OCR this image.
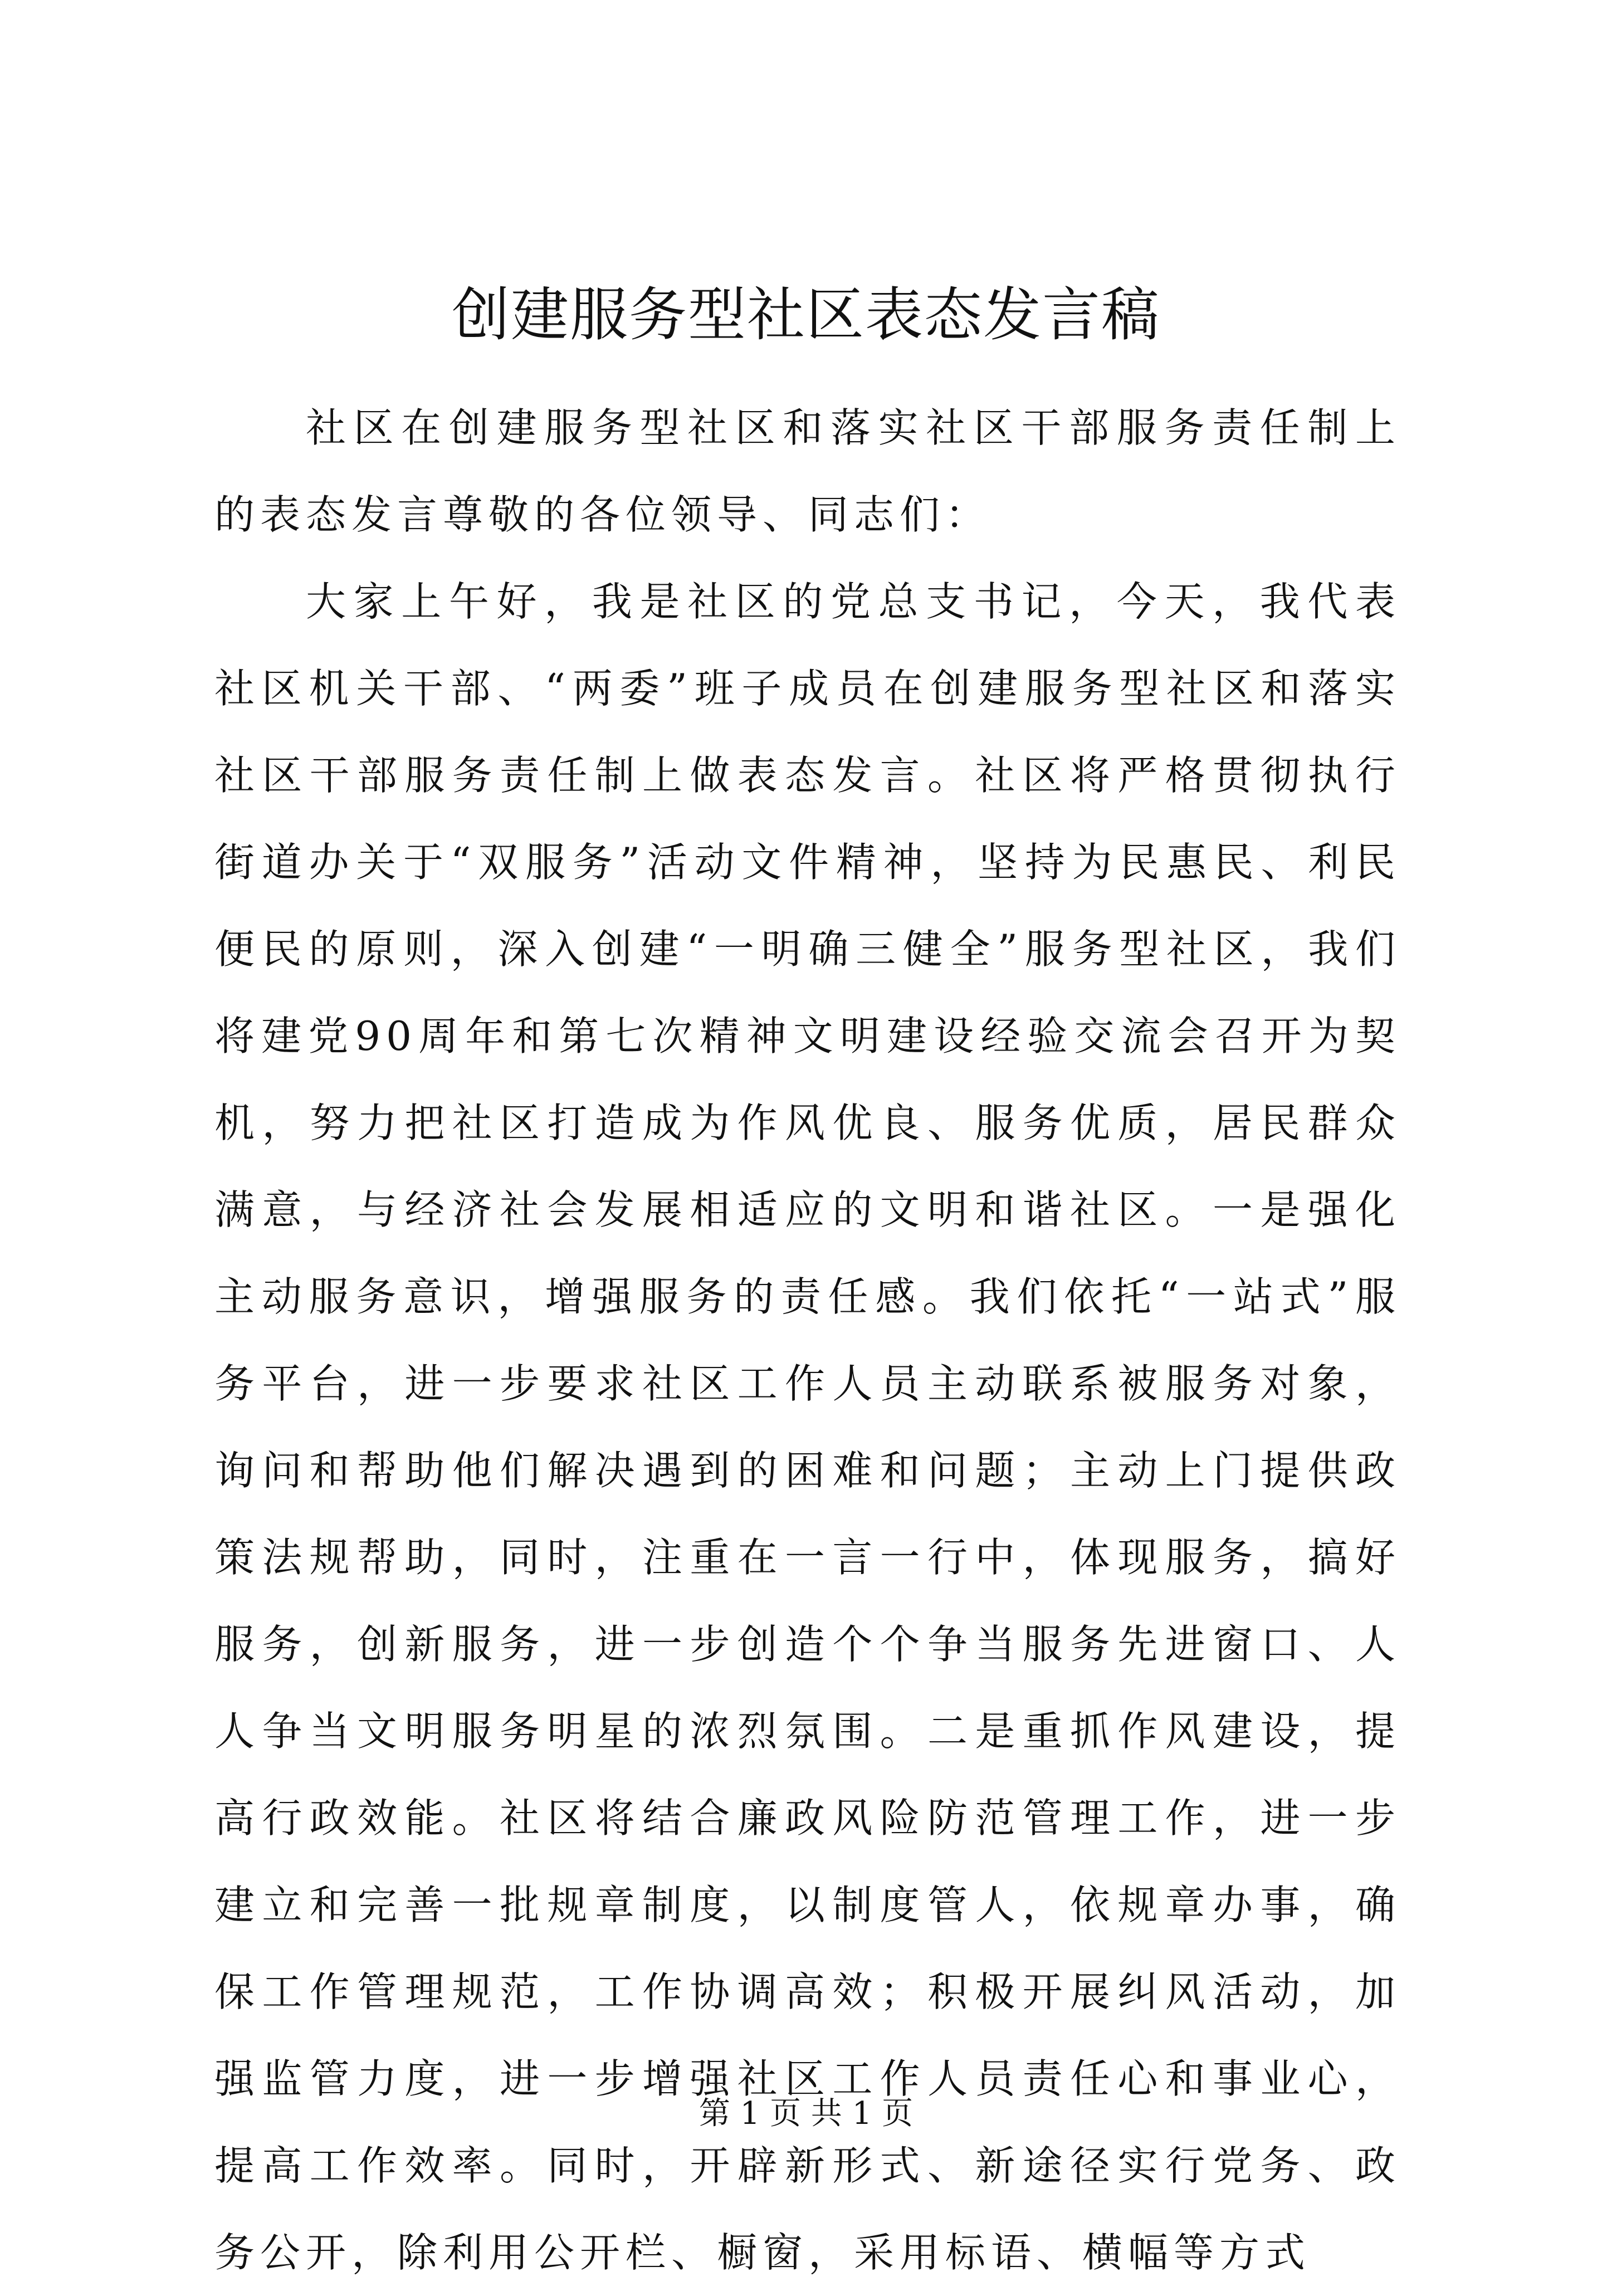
创建服务型社区表态发言稿

社区在创建服务型社区和落实社区干部服务责任制上的表态发言尊敬的各位领导、同志们：

大家上午好，我是社区的党总支书记，今天，我代表社区机关干部、“两委”班子成员在创建服务型社区和落实社区干部服务责任制上做表态发言。社区将严格贯彻执行街道办关于“双服务”活动文件精神，坚持为民惠民、利民便民的原则，深入创建“一明确三健全”服务型社区，我们将建党90周年和第七次精神文明建设经验交流会召开为契机，努力把社区打造成为作风优良、服务优质，居民群众满意，与经济社会发展相适应的文明和谐社区。一是强化主动服务意识，增强服务的责任感。我们依托“一站式”服务平台，进一步要求社区工作人员主动联系被服务对象，询问和帮助他们解决遇到的困难和问题；主动上门提供政策法规帮助，同时，注重在一言一行中，体现服务，搞好服务，创新服务，进一步创造个个争当服务先进窗口、人人争当文明服务明星的浓烈氛围。二是重抓作风建设，提高行政效能。社区将结合廉政风险防范管理工作，进一步建立和完善一批规章制度，以制度管人，依规章办事，确保工作管理规范，工作协调高效；积极开展纠风活动，加强监管力度，进一步增强社区工作人员责任心和事业心，提高工作效率。同时，开辟新形式、新途径实行党务、政务公开，除利用公开栏、橱窗，采用标语、横幅等方式

第 1 页 共 1 页
